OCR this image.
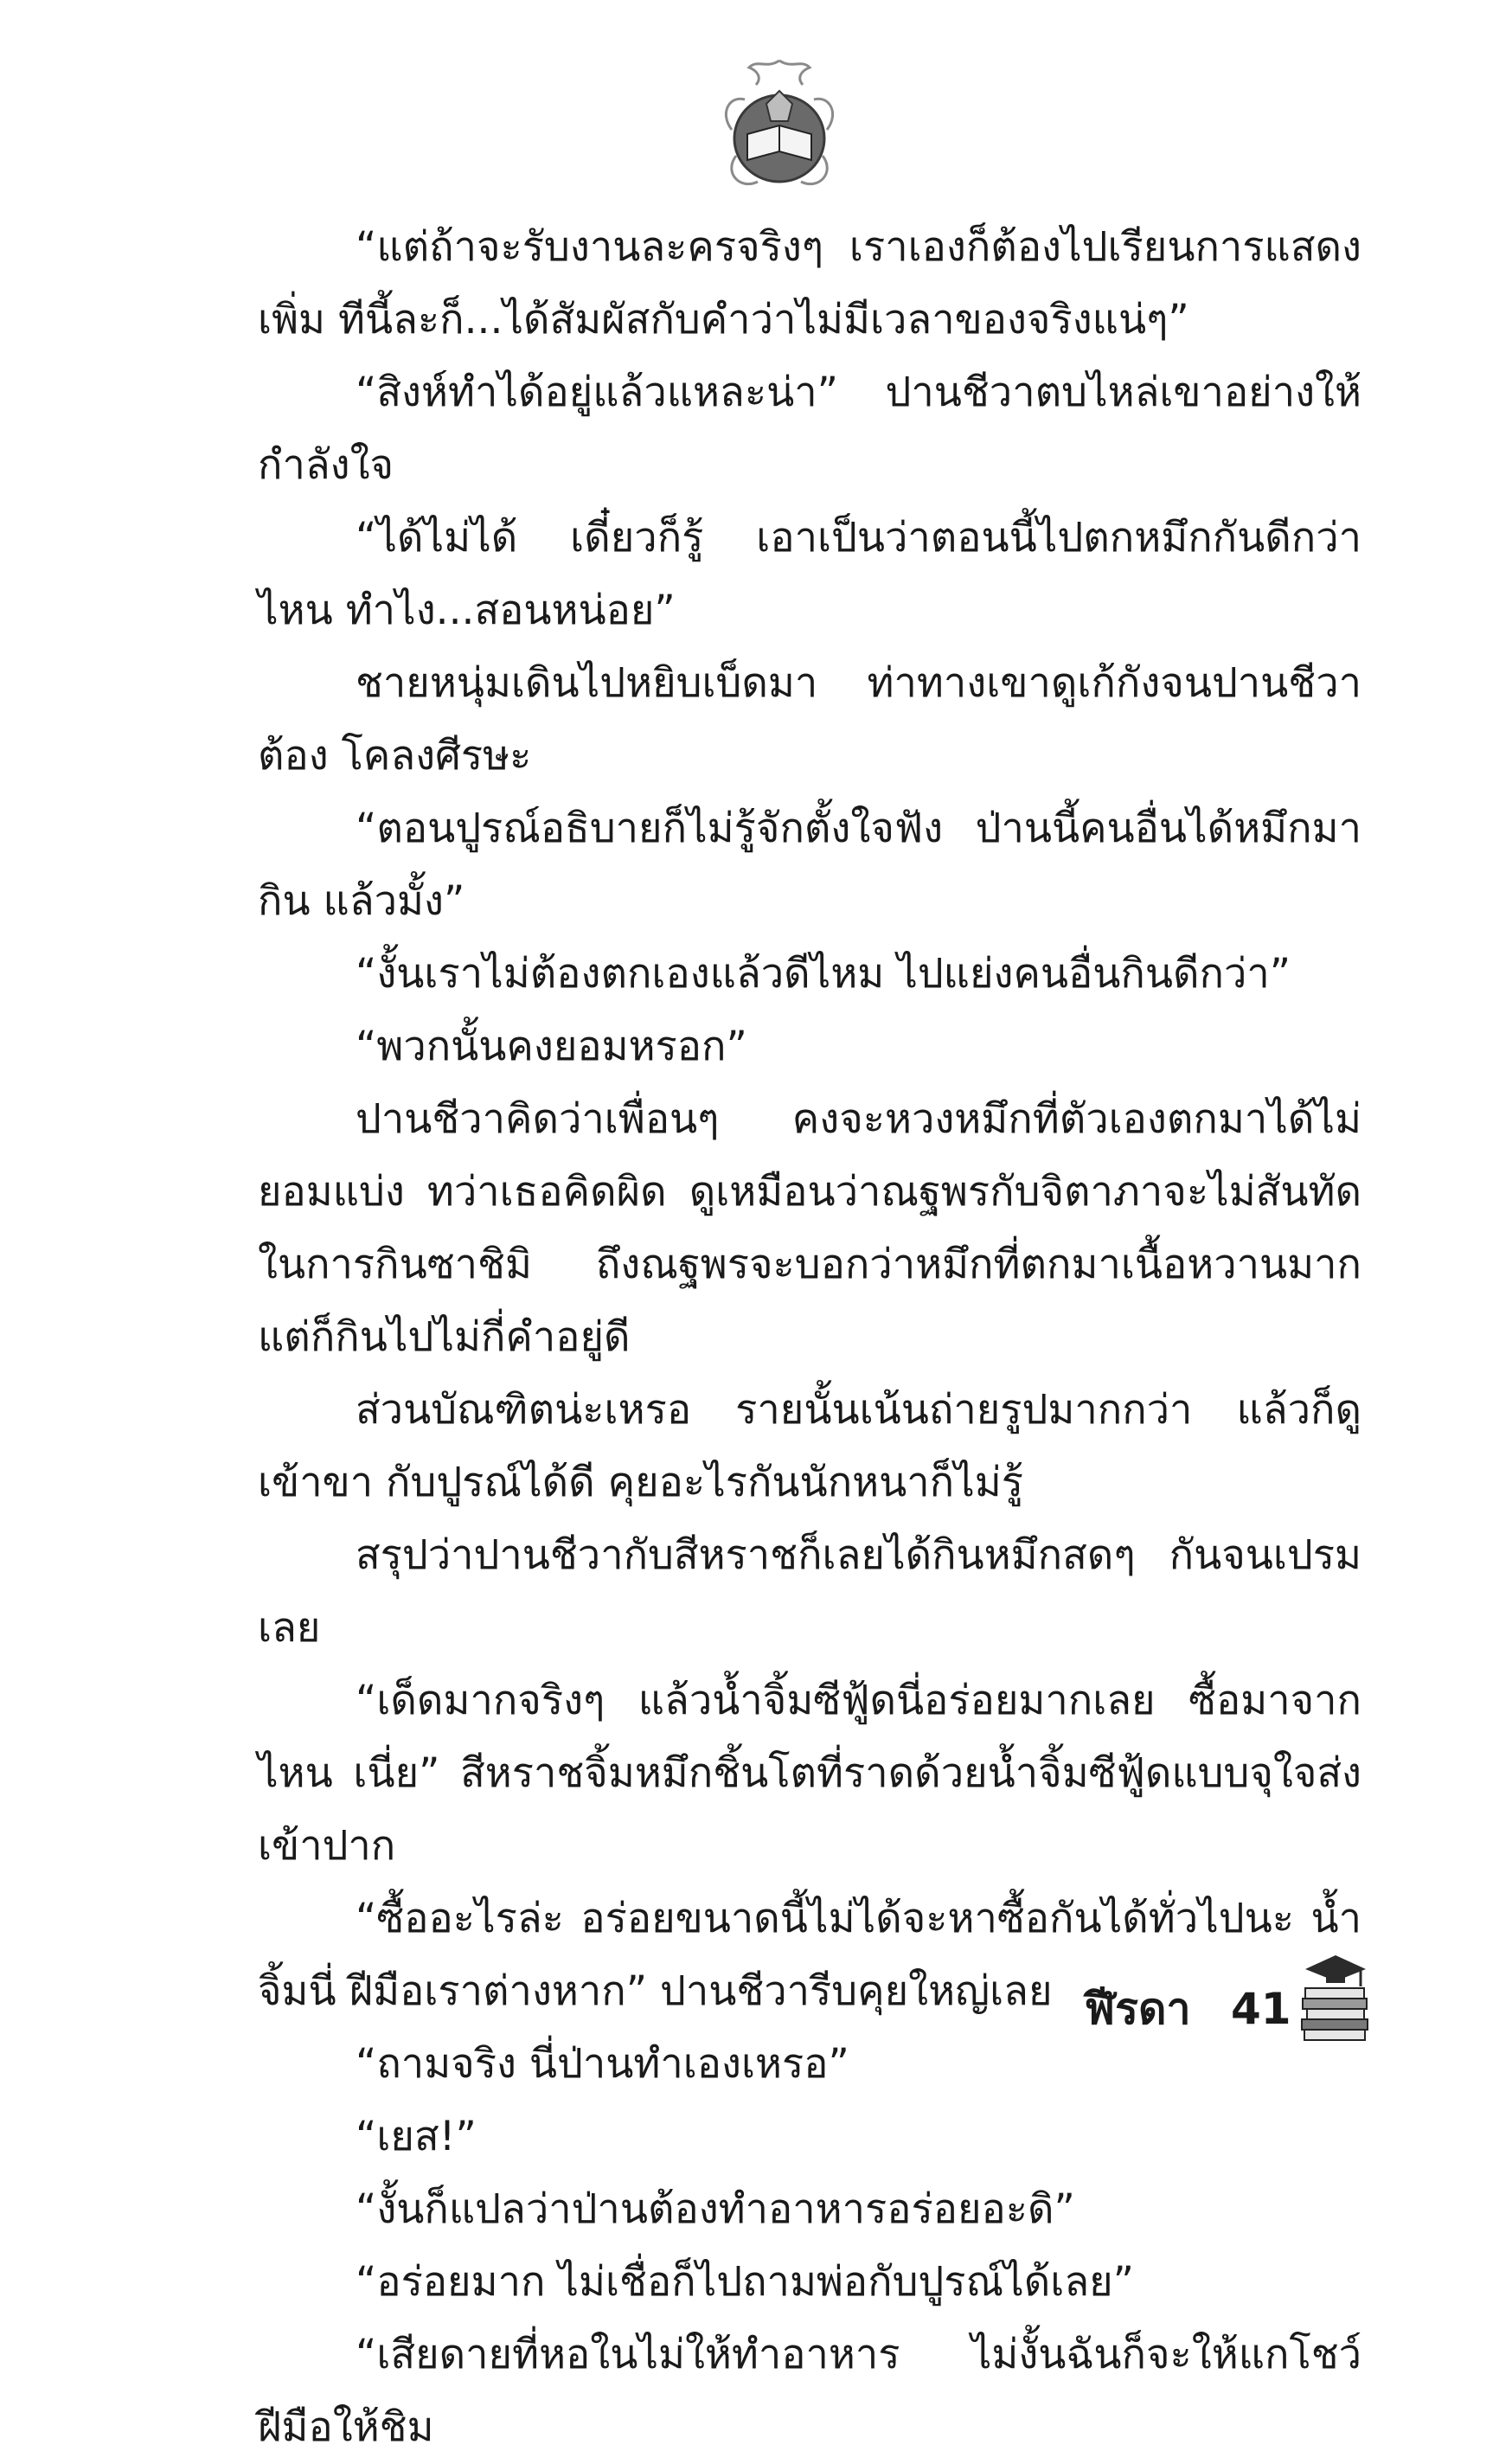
“แต่ถ้าจะรับงานละครจริงๆ เราเองก็ต้องไปเรียนการแสดงเพิ่ม ทีนี้ละก็...ได้สัมผัสกับคำว่าไม่มีเวลาของจริงแน่ๆ”

“สิงห์ทำได้อยู่แล้วแหละน่า” ปานชีวาตบไหล่เขาอย่างให้กำลังใจ

“ได้ไม่ได้ เดี๋ยวก็รู้ เอาเป็นว่าตอนนี้ไปตกหมึกกันดีกว่า ไหน ทำไง...สอนหน่อย”

ชายหนุ่มเดินไปหยิบเบ็ดมา ท่าทางเขาดูเก้กังจนปานชีวาต้อง โคลงศีรษะ

“ตอนปูรณ์อธิบายก็ไม่รู้จักตั้งใจฟัง ป่านนี้คนอื่นได้หมึกมากิน แล้วมั้ง”

“งั้นเราไม่ต้องตกเองแล้วดีไหม ไปแย่งคนอื่นกินดีกว่า”

“พวกนั้นคงยอมหรอก”

ปานชีวาคิดว่าเพื่อนๆ คงจะหวงหมึกที่ตัวเองตกมาได้ไม่ยอมแบ่ง ทว่าเธอคิดผิด ดูเหมือนว่าณฐพรกับจิตาภาจะไม่สันทัดในการกินซาชิมิ ถึงณฐพรจะบอกว่าหมึกที่ตกมาเนื้อหวานมาก แต่ก็กินไปไม่กี่คำอยู่ดี

ส่วนบัณฑิตน่ะเหรอ รายนั้นเน้นถ่ายรูปมากกว่า แล้วก็ดูเข้าขา กับปูรณ์ได้ดี คุยอะไรกันนักหนาก็ไม่รู้

สรุปว่าปานชีวากับสีหราชก็เลยได้กินหมึกสดๆ กันจนเปรมเลย

“เด็ดมากจริงๆ แล้วน้ำจิ้มซีฟู้ดนี่อร่อยมากเลย ซื้อมาจากไหน เนี่ย” สีหราชจิ้มหมึกชิ้นโตที่ราดด้วยน้ำจิ้มซีฟู้ดแบบจุใจส่งเข้าปาก

“ซื้ออะไรล่ะ อร่อยขนาดนี้ไม่ได้จะหาซื้อกันได้ทั่วไปนะ น้ำจิ้มนี่ ฝีมือเราต่างหาก” ปานชีวารีบคุยใหญ่เลย

“ถามจริง นี่ป่านทำเองเหรอ”

“เยส!”

“งั้นก็แปลว่าป่านต้องทำอาหารอร่อยอะดิ”

“อร่อยมาก ไม่เชื่อก็ไปถามพ่อกับปูรณ์ได้เลย”

“เสียดายที่หอในไม่ให้ทำอาหาร ไม่งั้นฉันก็จะให้แกโชว์ฝีมือให้ชิม

ฬีรดา 41
